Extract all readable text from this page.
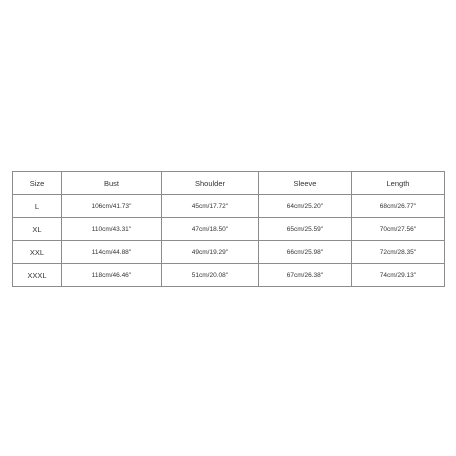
Size	Bust	Shoulder	Sleeve	Length
L	106cm/41.73''	45cm/17.72''	64cm/25.20''	68cm/26.77''
XL	110cm/43.31''	47cm/18.50''	65cm/25.59''	70cm/27.56''
XXL	114cm/44.88''	49cm/19.29''	66cm/25.98''	72cm/28.35''
XXXL	118cm/46.46''	51cm/20.08''	67cm/26.38''	74cm/29.13''
